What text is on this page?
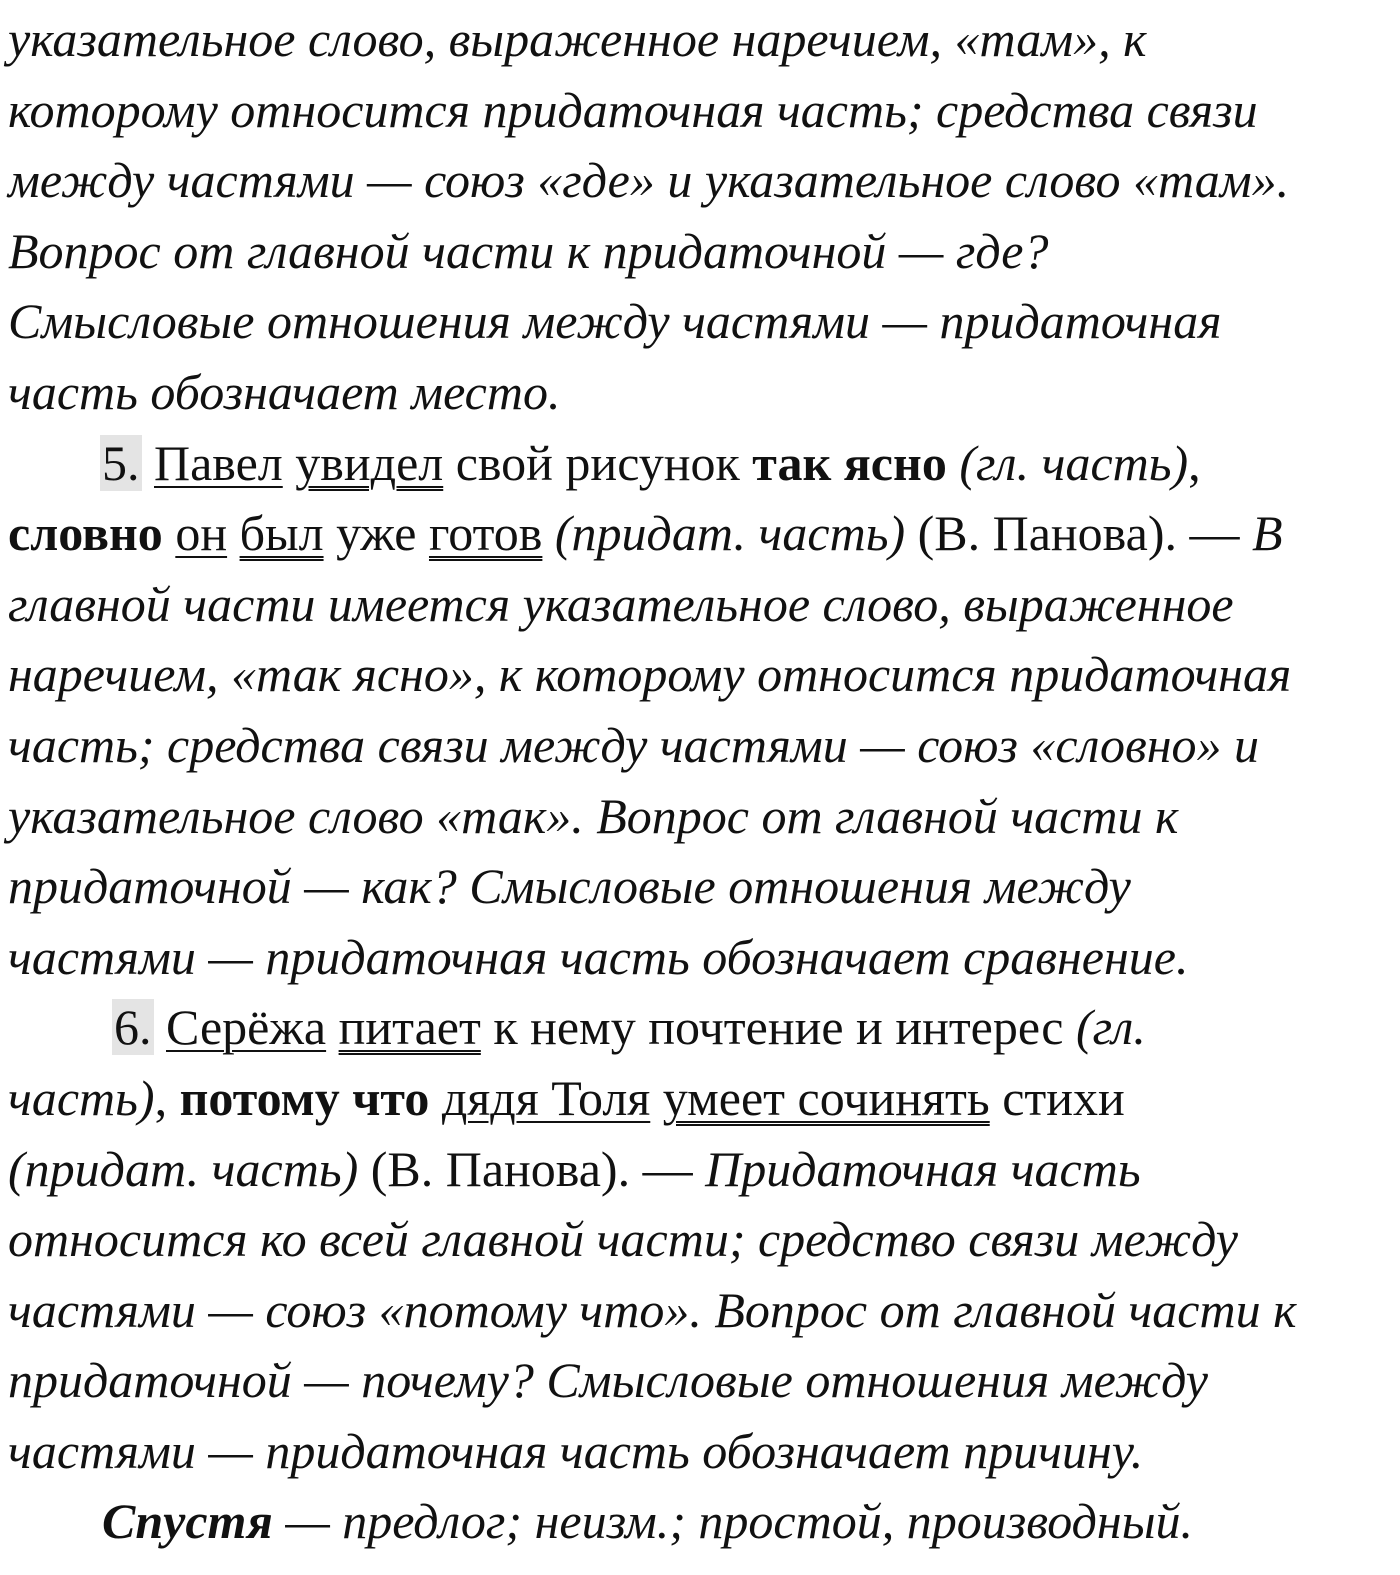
указательное слово, выраженное наречием, «там», к
которому относится придаточная часть; средства связи
между частями — союз «где» и указательное слово «там».
Вопрос от главной части к придаточной — где?
Смысловые отношения между частями — придаточная
часть обозначает место.
5. Павел увидел свой рисунок так ясно (гл. часть),
словно он был уже готов (придат. часть) (В. Панова). — В
главной части имеется указательное слово, выраженное
наречием, «так ясно», к которому относится придаточная
часть; средства связи между частями — союз «словно» и
указательное слово «так». Вопрос от главной части к
придаточной — как? Смысловые отношения между
частями — придаточная часть обозначает сравнение.
6. Серёжа питает к нему почтение и интерес (гл.
часть), потому что дядя Толя умеет сочинять стихи
(придат. часть) (В. Панова). — Придаточная часть
относится ко всей главной части; средство связи между
частями — союз «потому что». Вопрос от главной части к
придаточной — почему? Смысловые отношения между
частями — придаточная часть обозначает причину.
Спустя — предлог; неизм.; простой, производный.
